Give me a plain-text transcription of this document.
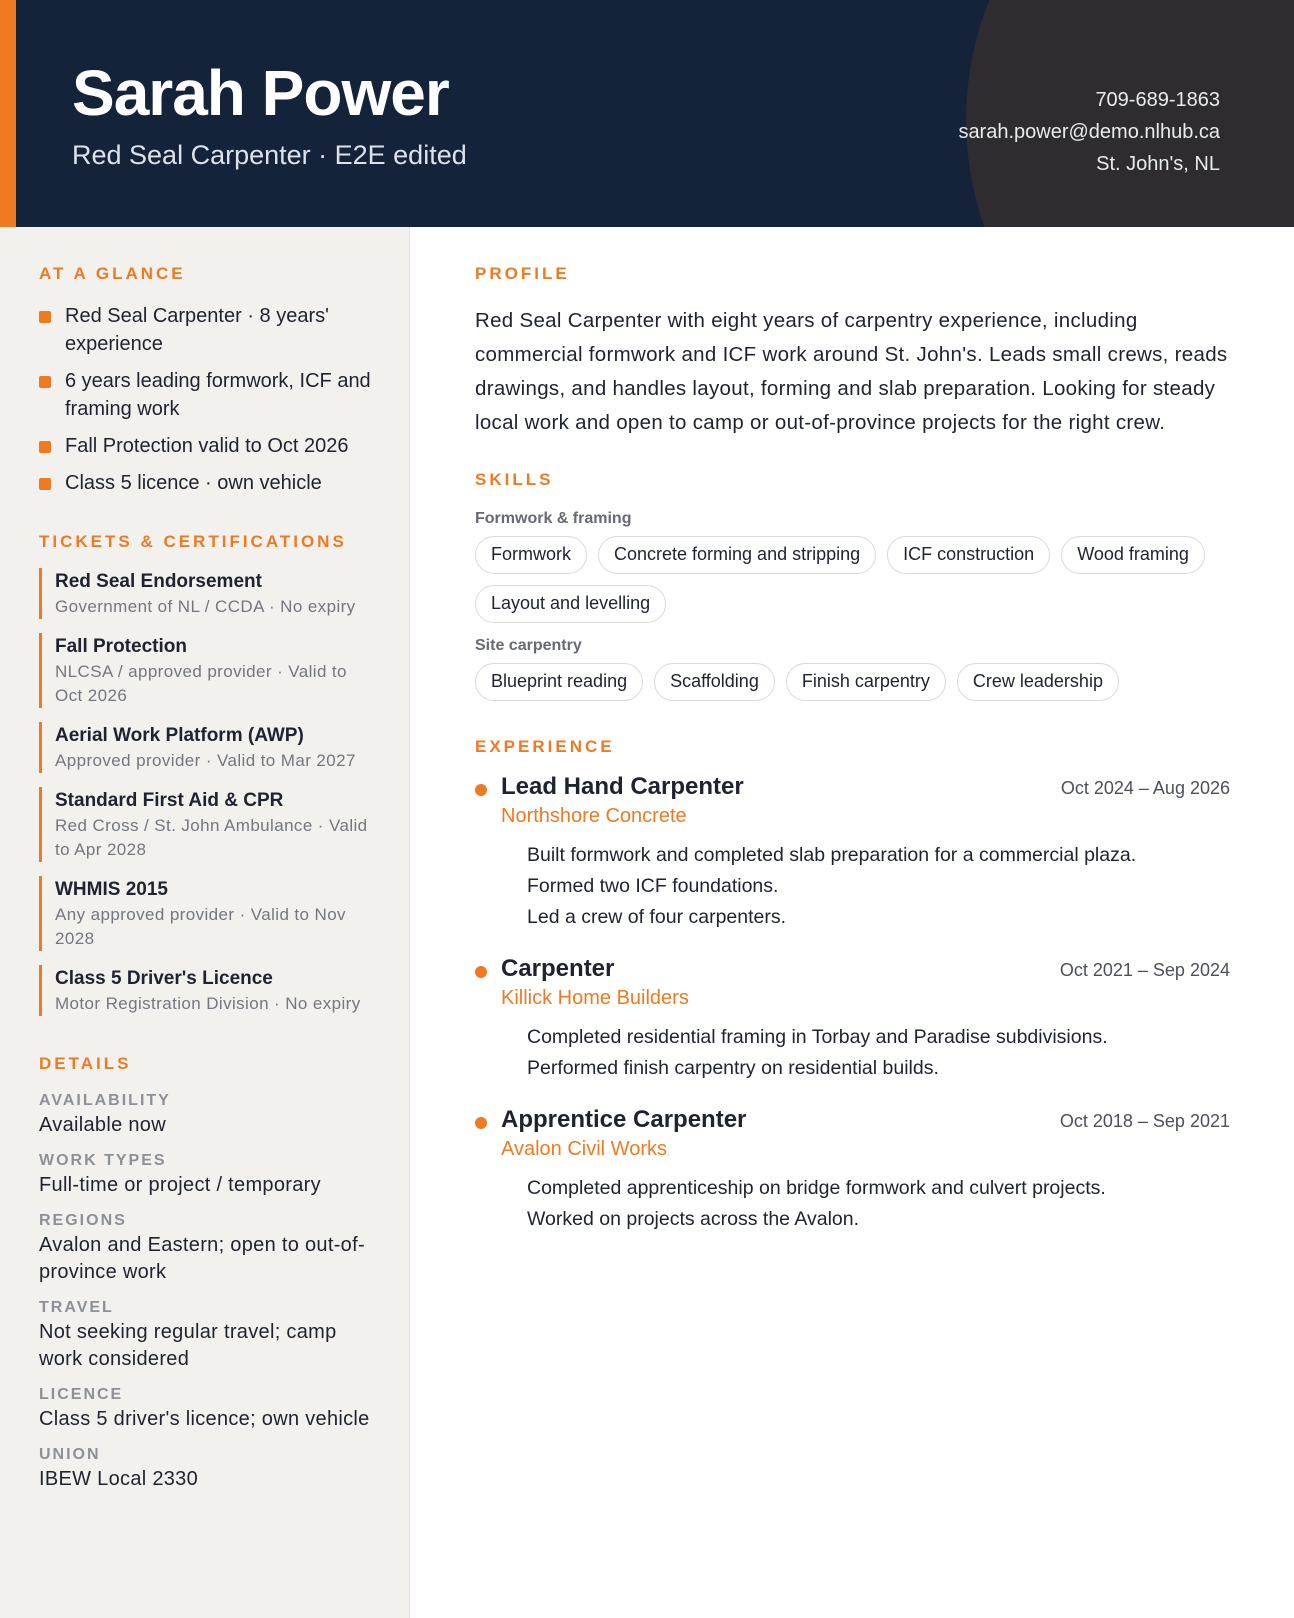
Sarah Power
Red Seal Carpenter · E2E edited
709-689-1863
sarah.power@demo.nlhub.ca
St. John's, NL
AT A GLANCE
Red Seal Carpenter · 8 years' experience
6 years leading formwork, ICF and framing work
Fall Protection valid to Oct 2026
Class 5 licence · own vehicle
TICKETS & CERTIFICATIONS
Red Seal Endorsement
Government of NL / CCDA · No expiry
Fall Protection
NLCSA / approved provider · Valid to Oct 2026
Aerial Work Platform (AWP)
Approved provider · Valid to Mar 2027
Standard First Aid & CPR
Red Cross / St. John Ambulance · Valid to Apr 2028
WHMIS 2015
Any approved provider · Valid to Nov 2028
Class 5 Driver's Licence
Motor Registration Division · No expiry
DETAILS
AVAILABILITY
Available now
WORK TYPES
Full-time or project / temporary
REGIONS
Avalon and Eastern; open to out-of-province work
TRAVEL
Not seeking regular travel; camp work considered
LICENCE
Class 5 driver's licence; own vehicle
UNION
IBEW Local 2330
PROFILE

Red Seal Carpenter with eight years of carpentry experience, including commercial formwork and ICF work around St. John's. Leads small crews, reads drawings, and handles layout, forming and slab preparation. Looking for steady local work and open to camp or out-of-province projects for the right crew.

SKILLS
Formwork & framing
Formwork	Concrete forming and stripping	ICF construction	Wood framing
Layout and levelling
Site carpentry
Blueprint reading	Scaffolding	Finish carpentry	Crew leadership
EXPERIENCE
Lead Hand Carpenter	Oct 2024 – Aug 2026
Northshore Concrete
Built formwork and completed slab preparation for a commercial plaza.
Formed two ICF foundations.
Led a crew of four carpenters.
Carpenter	Oct 2021 – Sep 2024
Killick Home Builders
Completed residential framing in Torbay and Paradise subdivisions.
Performed finish carpentry on residential builds.
Apprentice Carpenter	Oct 2018 – Sep 2021
Avalon Civil Works
Completed apprenticeship on bridge formwork and culvert projects.
Worked on projects across the Avalon.
